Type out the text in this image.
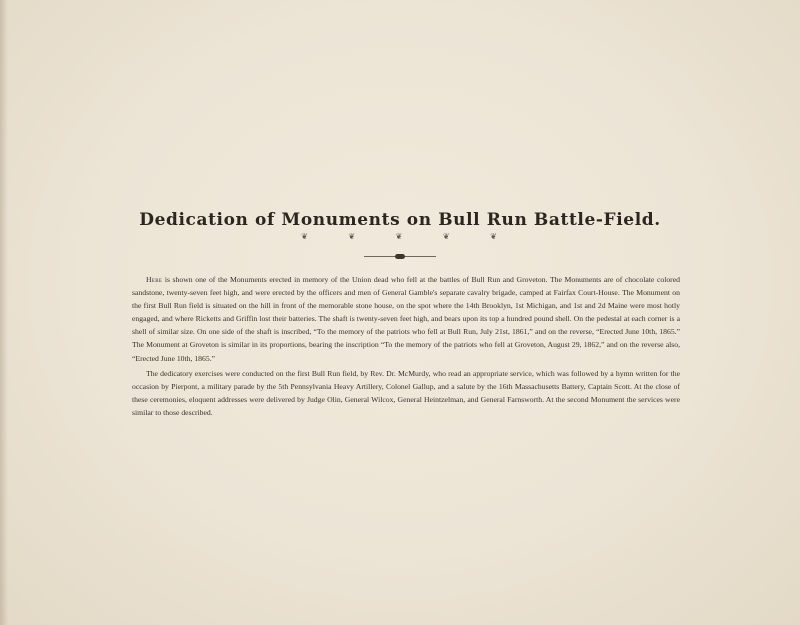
Dedication of Monuments on Bull Run Battle-Field.
❦	❦	❦	❦	❦

Here is shown one of the Monuments erected in memory of the Union dead who fell at the battles of Bull Run and Groveton. The Monuments are of chocolate colored sandstone, twenty-seven feet high, and were erected by the officers and men of General Gamble's separate cavalry brigade, camped at Fairfax Court-House. The Monument on the first Bull Run field is situated on the hill in front of the memorable stone house, on the spot where the 14th Brooklyn, 1st Michigan, and 1st and 2d Maine were most hotly engaged, and where Ricketts and Griffin lost their batteries. The shaft is twenty-seven feet high, and bears upon its top a hundred pound shell. On the pedestal at each corner is a shell of similar size. On one side of the shaft is inscribed, “To the memory of the patriots who fell at Bull Run, July 21st, 1861,” and on the reverse, “Erected June 10th, 1865.” The Monument at Groveton is similar in its proportions, bearing the inscription “To the memory of the patriots who fell at Groveton, August 29, 1862,” and on the reverse also, “Erected June 10th, 1865.”

The dedicatory exercises were conducted on the first Bull Run field, by Rev. Dr. McMurdy, who read an appropriate service, which was followed by a hymn written for the occasion by Pierpont, a military parade by the 5th Pennsylvania Heavy Artillery, Colonel Gallup, and a salute by the 16th Massachusetts Battery, Captain Scott. At the close of these ceremonies, eloquent addresses were delivered by Judge Olin, General Wilcox, General Heintzelman, and General Farnsworth. At the second Monument the services were similar to those described.
